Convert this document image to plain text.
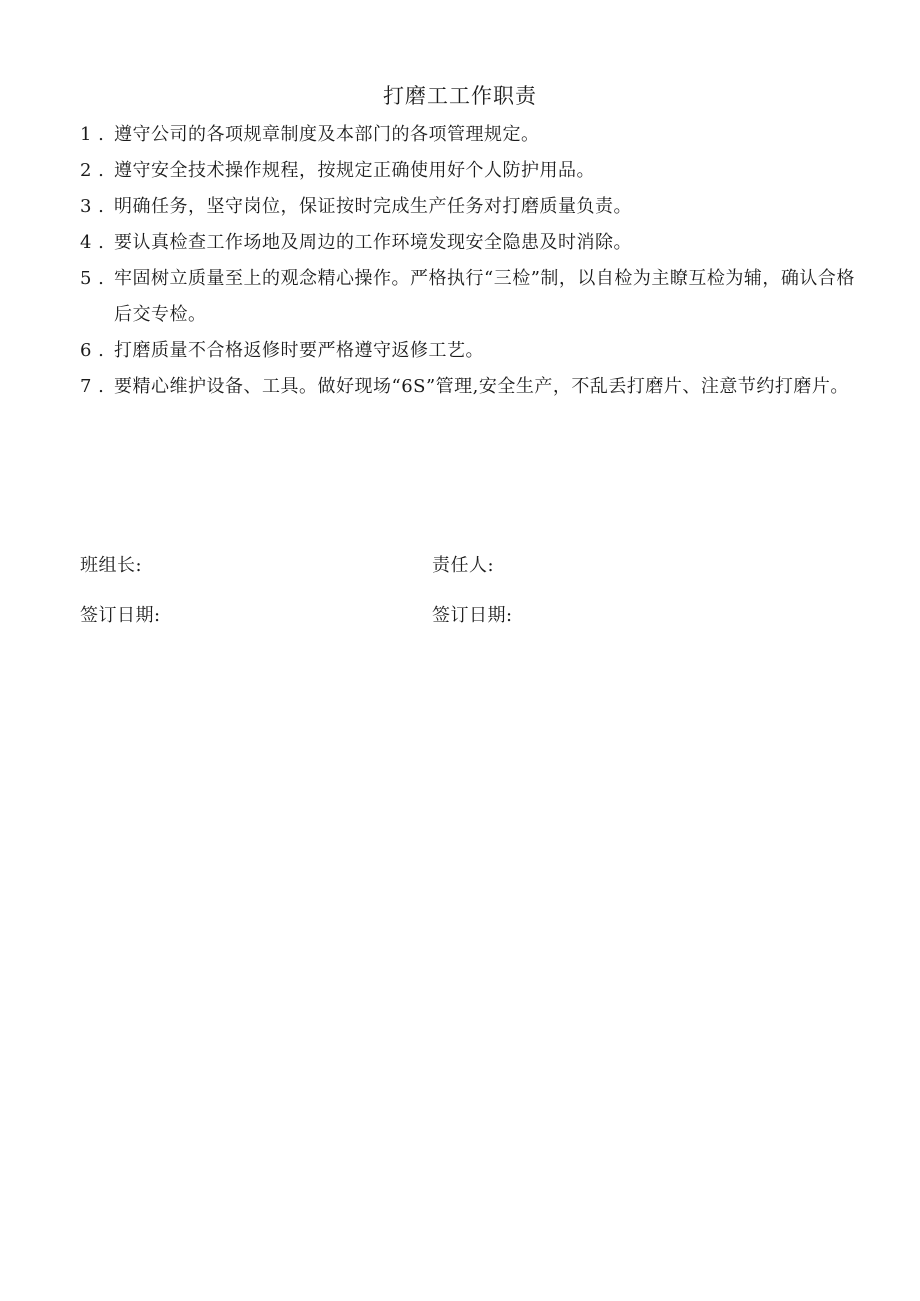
打磨工工作职责
1 . 遵守公司的各项规章制度及本部门的各项管理规定。
2 . 遵守安全技术操作规程，按规定正确使用好个人防护用品。
3 . 明确任务，坚守岗位，保证按时完成生产任务对打磨质量负责。
4 . 要认真检查工作场地及周边的工作环境发现安全隐患及时消除。
5 . 牢固树立质量至上的观念精心操作。严格执行“三检”制，以自检为主瞭互检为辅，确认合格后交专检。
6 . 打磨质量不合格返修时要严格遵守返修工艺。
7 . 要精心维护设备、工具。做好现场“6S”管理,安全生产，不乱丢打磨片、注意节约打磨片。
班组长:	责任人:
签订日期:	签订日期:
